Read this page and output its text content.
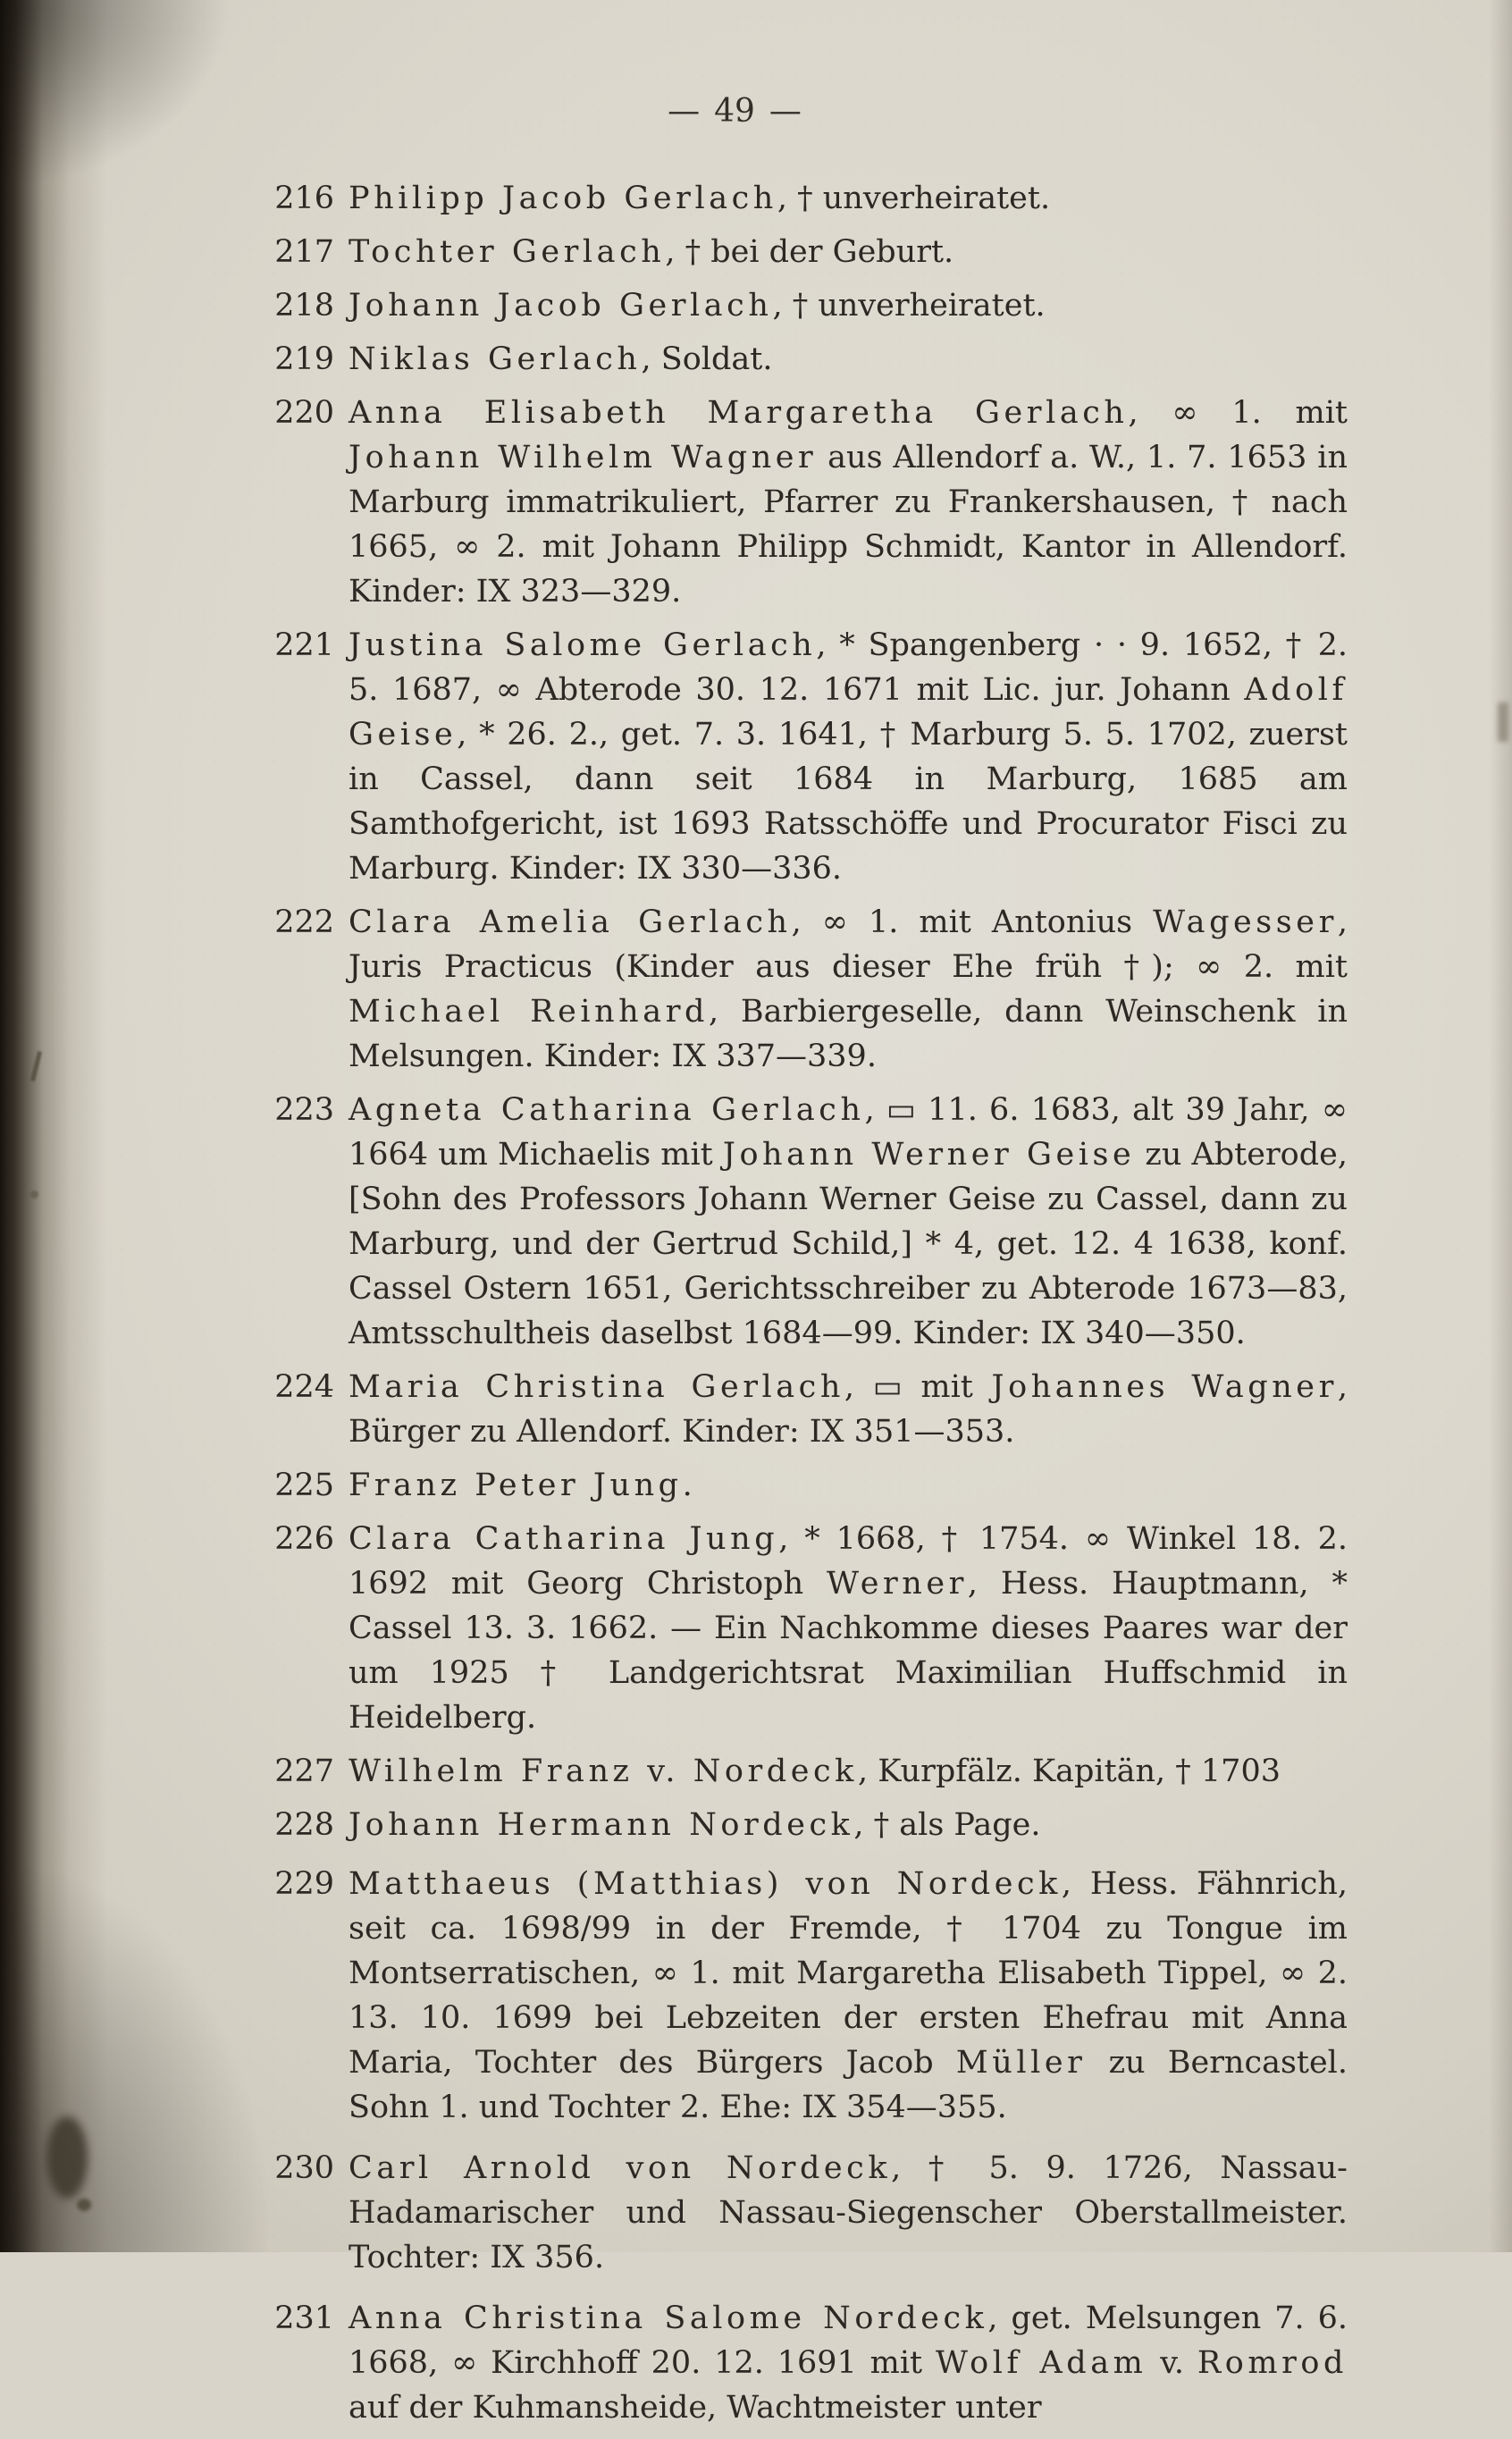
— 49 —
216 Philipp Jacob Gerlach, † unverheiratet.
217 Tochter Gerlach, † bei der Geburt.
218 Johann Jacob Gerlach, † unverheiratet.
219 Niklas Gerlach, Soldat.
220 Anna Elisabeth Margaretha Gerlach, ∞ 1. mit Johann Wilhelm Wagner aus Allendorf a. W., 1. 7. 1653 in Marburg immatrikuliert, Pfarrer zu Frankershausen, † nach 1665, ∞ 2. mit Johann Philipp Schmidt, Kantor in Allendorf. Kinder: IX 323—329.
221 Justina Salome Gerlach, * Spangenberg · · 9. 1652, † 2. 5. 1687, ∞ Abterode 30. 12. 1671 mit Lic. jur. Johann Adolf Geise, * 26. 2., get. 7. 3. 1641, † Marburg 5. 5. 1702, zuerst in Cassel, dann seit 1684 in Marburg, 1685 am Samthofgericht, ist 1693 Ratsschöffe und Procurator Fisci zu Marburg. Kinder: IX 330—336.
222 Clara Amelia Gerlach, ∞ 1. mit Antonius Wagesser, Juris Practicus (Kinder aus dieser Ehe früh †); ∞ 2. mit Michael Reinhard, Barbiergeselle, dann Weinschenk in Melsungen. Kinder: IX 337—339.
223 Agneta Catharina Gerlach, ▭ 11. 6. 1683, alt 39 Jahr, ∞ 1664 um Michaelis mit Johann Werner Geise zu Abterode, [Sohn des Professors Johann Werner Geise zu Cassel, dann zu Marburg, und der Gertrud Schild,] * 4, get. 12. 4 1638, konf. Cassel Ostern 1651, Gerichtsschreiber zu Abterode 1673—83, Amtsschultheis daselbst 1684—99. Kinder: IX 340—350.
224 Maria Christina Gerlach, ▭ mit Johannes Wagner, Bürger zu Allendorf. Kinder: IX 351—353.
225 Franz Peter Jung.
226 Clara Catharina Jung, * 1668, † 1754. ∞ Winkel 18. 2. 1692 mit Georg Christoph Werner, Hess. Hauptmann, * Cassel 13. 3. 1662. — Ein Nachkomme dieses Paares war der um 1925 † Landgerichtsrat Maximilian Huffschmid in Heidelberg.
227 Wilhelm Franz v. Nordeck, Kurpfälz. Kapitän, † 1703
228 Johann Hermann Nordeck, † als Page.
229 Matthaeus (Matthias) von Nordeck, Hess. Fähnrich, seit ca. 1698/99 in der Fremde, † 1704 zu Tongue im Montserratischen, ∞ 1. mit Margaretha Elisabeth Tippel, ∞ 2. 13. 10. 1699 bei Lebzeiten der ersten Ehefrau mit Anna Maria, Tochter des Bürgers Jacob Müller zu Berncastel. Sohn 1. und Tochter 2. Ehe: IX 354—355.
230 Carl Arnold von Nordeck, † 5. 9. 1726, Nassau-Hadamarischer und Nassau-Siegenscher Oberstallmeister. Tochter: IX 356.
231 Anna Christina Salome Nordeck, get. Melsungen 7. 6. 1668, ∞ Kirchhoff 20. 12. 1691 mit Wolf Adam v. Romrod auf der Kuhmansheide, Wachtmeister unter
